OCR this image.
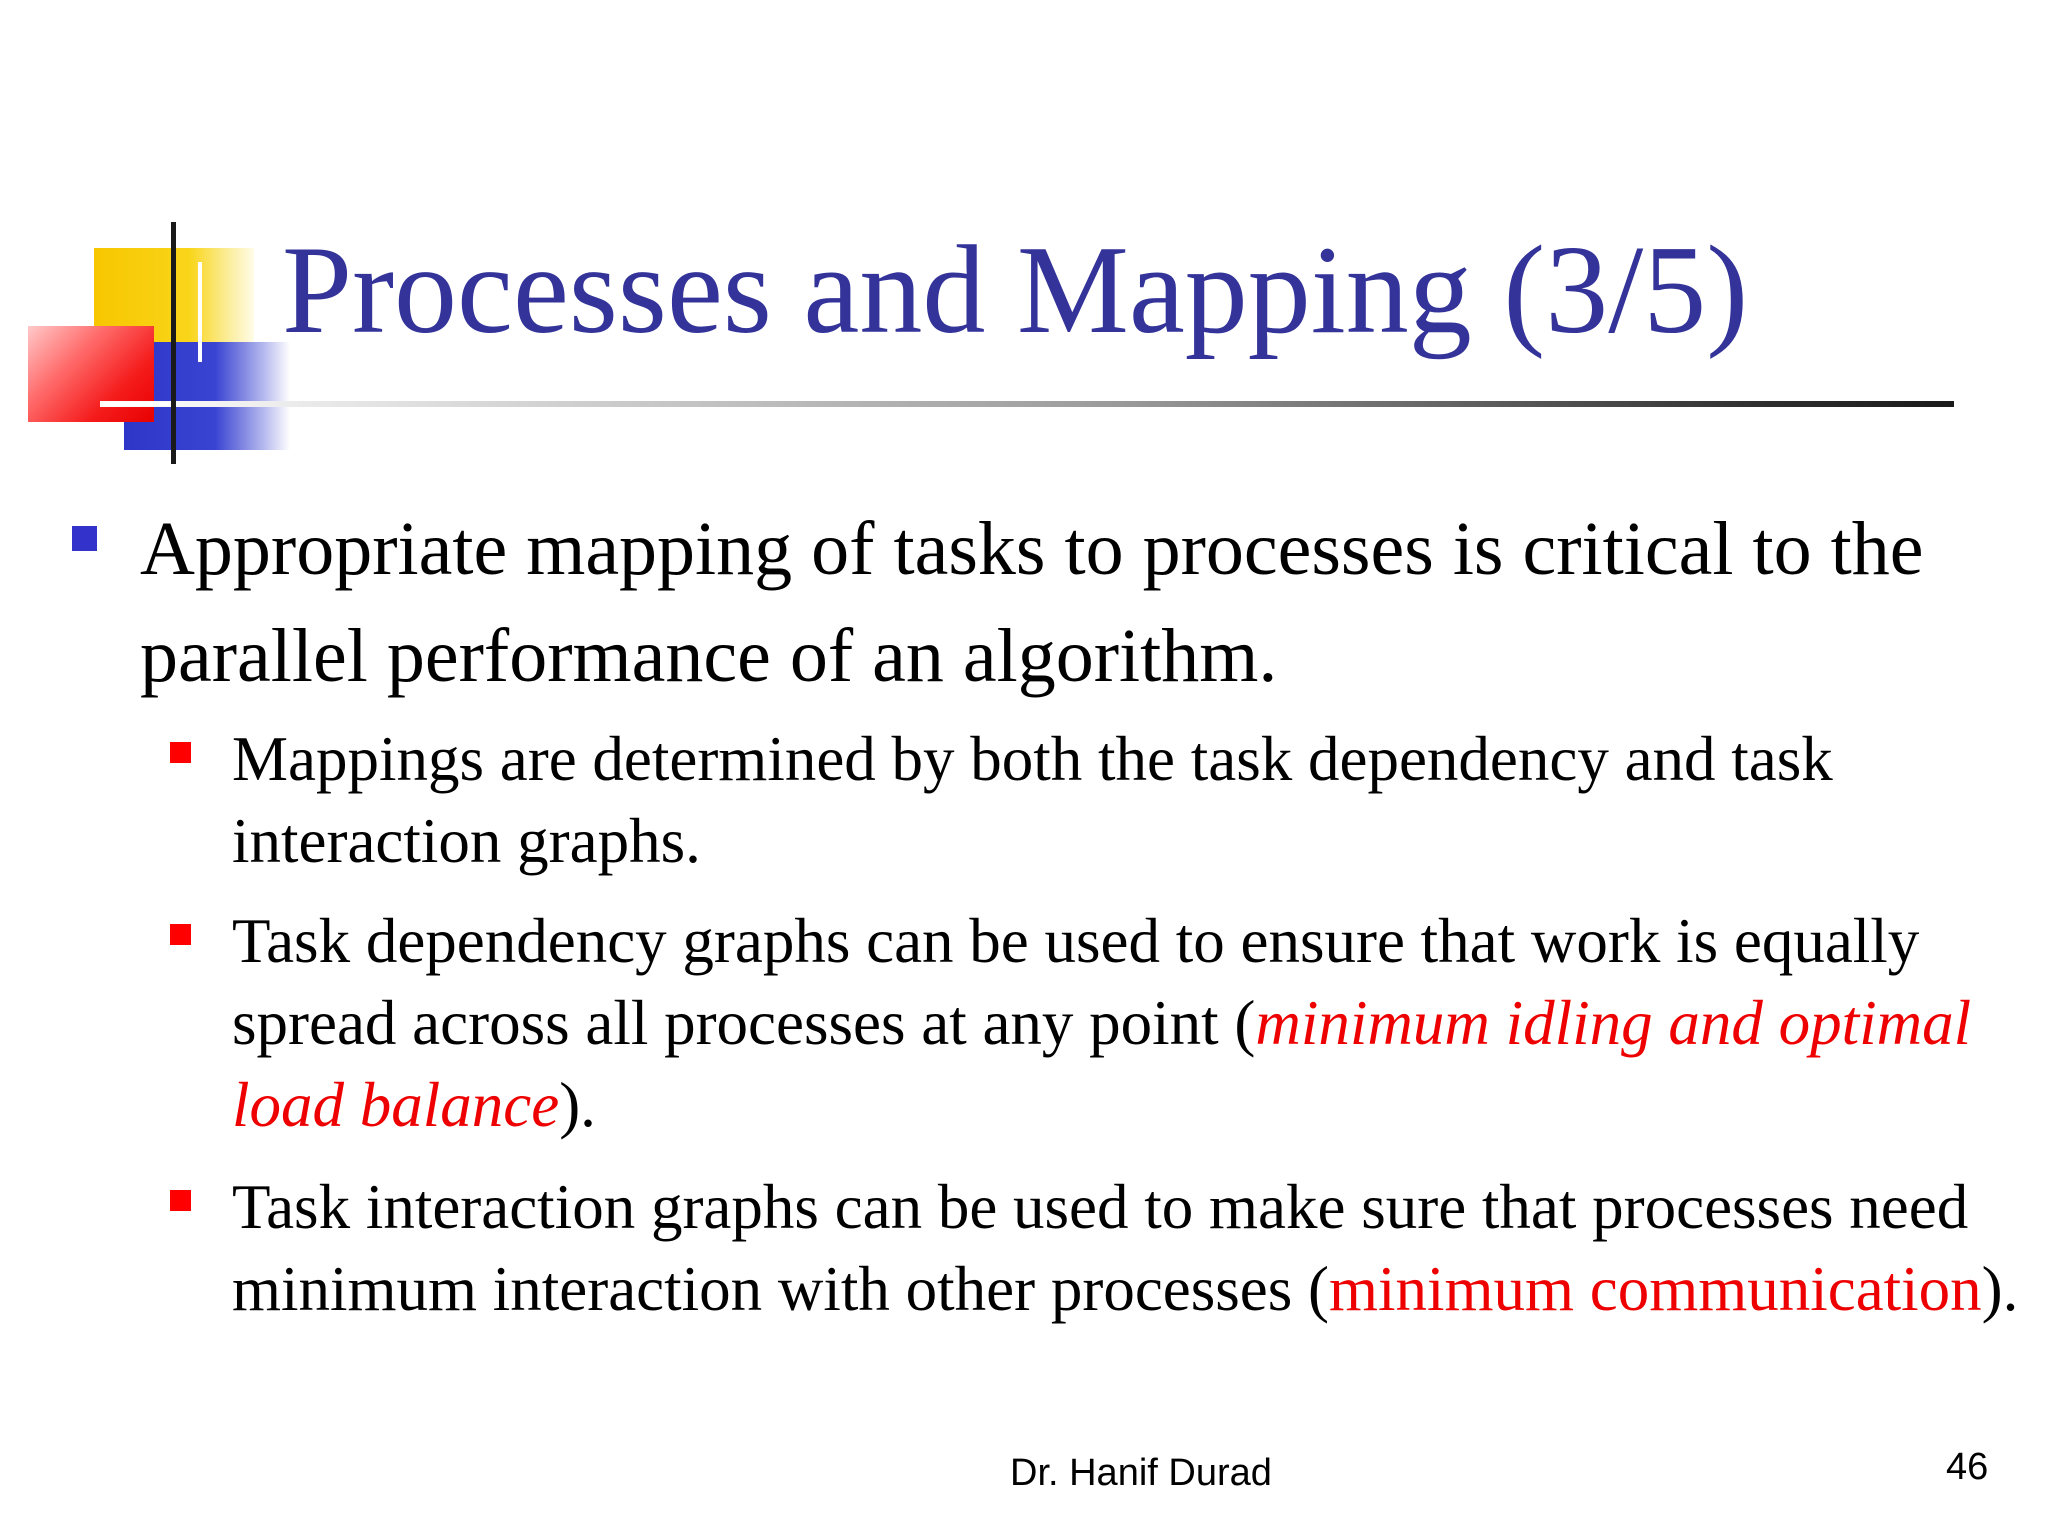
Processes and Mapping (3/5)
Appropriate mapping of tasks to processes is critical to the parallel performance of an algorithm.
Mappings are determined by both the task dependency and task interaction graphs.
Task dependency graphs can be used to ensure that work is equally spread across all processes at any point (minimum idling and optimal load balance).
Task interaction graphs can be used to make sure that processes need minimum interaction with other processes (minimum communication).
Dr. Hanif Durad	46
